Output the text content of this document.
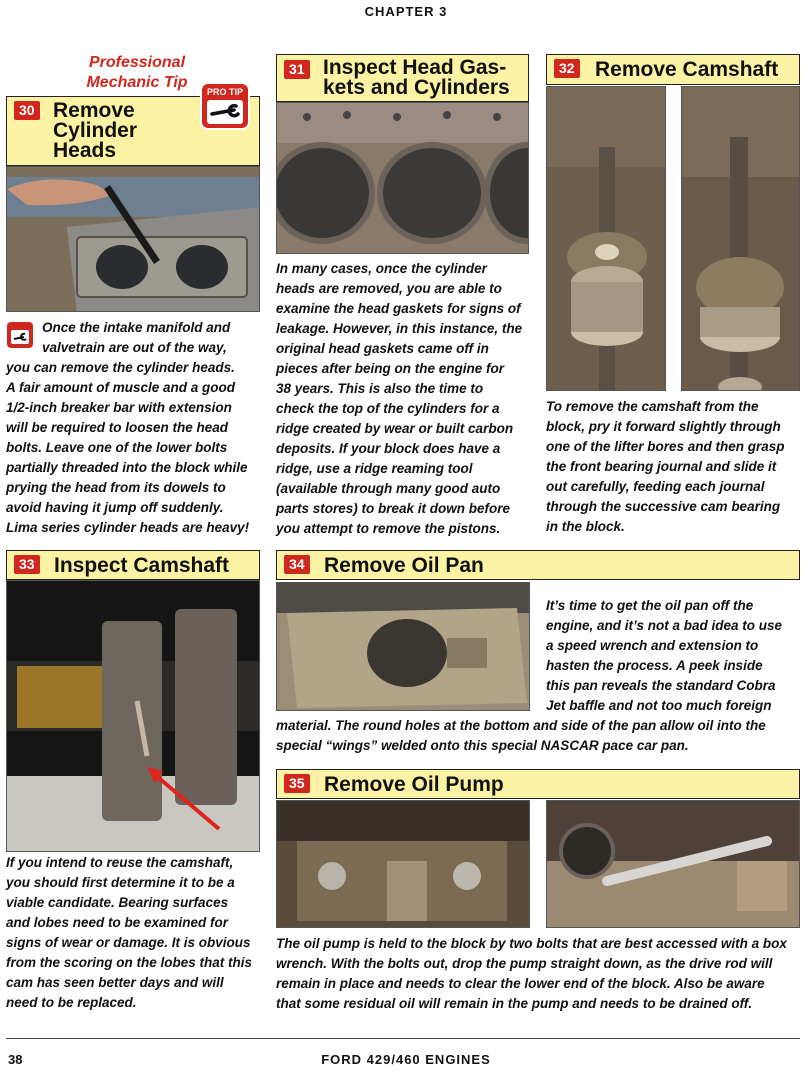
CHAPTER 3
Professional
Mechanic Tip
30 Remove
Cylinder
Heads
PRO TIP
Once the intake manifold and
valvetrain are out of the way,
you can remove the cylinder heads.
A fair amount of muscle and a good
1/2-inch breaker bar with extension
will be required to loosen the head
bolts. Leave one of the lower bolts
partially threaded into the block while
prying the head from its dowels to
avoid having it jump off suddenly.
Lima series cylinder heads are heavy!
31 Inspect Head Gas-
kets and Cylinders
In many cases, once the cylinder
heads are removed, you are able to
examine the head gaskets for signs of
leakage. However, in this instance, the
original head gaskets came off in
pieces after being on the engine for
38 years. This is also the time to
check the top of the cylinders for a
ridge created by wear or built carbon
deposits. If your block does have a
ridge, use a ridge reaming tool
(available through many good auto
parts stores) to break it down before
you attempt to remove the pistons.
32 Remove Camshaft
To remove the camshaft from the
block, pry it forward slightly through
one of the lifter bores and then grasp
the front bearing journal and slide it
out carefully, feeding each journal
through the successive cam bearing
in the block.
33 Inspect Camshaft
If you intend to reuse the camshaft,
you should first determine it to be a
viable candidate. Bearing surfaces
and lobes need to be examined for
signs of wear or damage. It is obvious
from the scoring on the lobes that this
cam has seen better days and will
need to be replaced.
34 Remove Oil Pan
It’s time to get the oil pan off the
engine, and it’s not a bad idea to use
a speed wrench and extension to
hasten the process. A peek inside
this pan reveals the standard Cobra
Jet baffle and not too much foreign
material. The round holes at the bottom and side of the pan allow oil into the
special “wings” welded onto this special NASCAR pace car pan.
35 Remove Oil Pump
The oil pump is held to the block by two bolts that are best accessed with a box
wrench. With the bolts out, drop the pump straight down, as the drive rod will
remain in place and needs to clear the lower end of the block. Also be aware
that some residual oil will remain in the pump and needs to be drained off.
38	FORD 429/460 ENGINES
